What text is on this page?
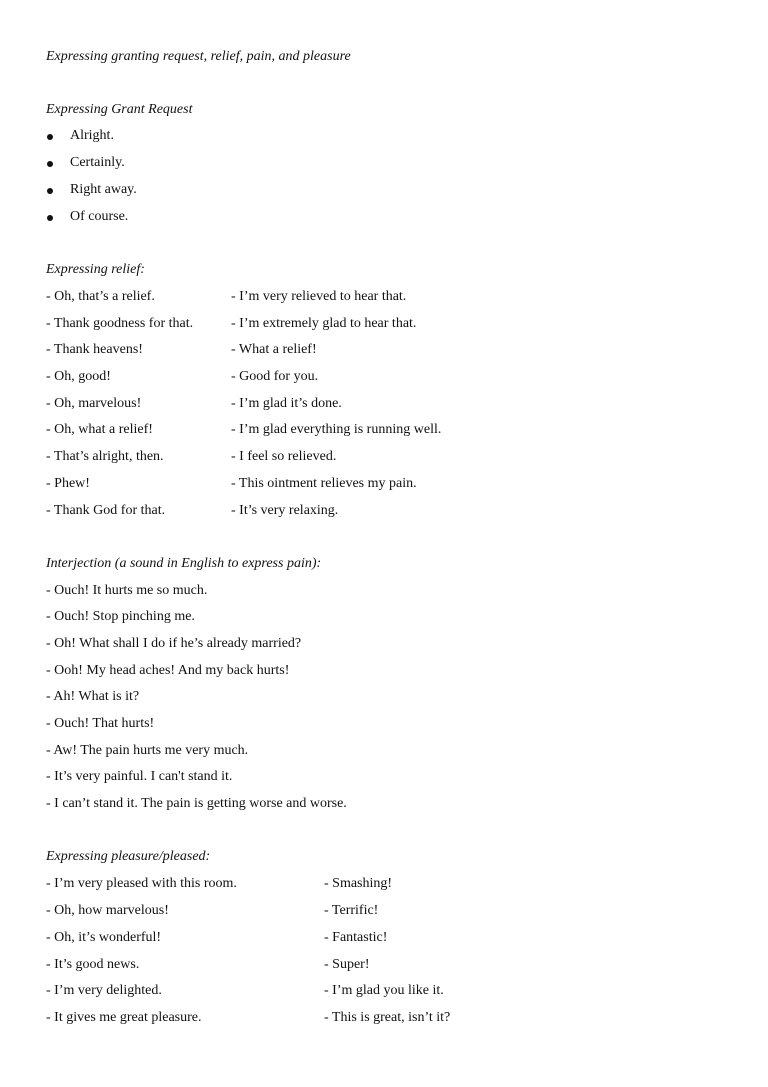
Expressing granting request, relief, pain, and pleasure
Expressing Grant Request
Alright.
Certainly.
Right away.
Of course.
Expressing relief:
- Oh, that’s a relief.
- Thank goodness for that.
- Thank heavens!
- Oh, good!
- Oh, marvelous!
- Oh, what a relief!
- That’s alright, then.
- Phew!
- Thank God for that.
- I’m very relieved to hear that.
- I’m extremely glad to hear that.
- What a relief!
- Good for you.
- I’m glad it’s done.
- I’m glad everything is running well.
- I feel so relieved.
- This ointment relieves my pain.
- It’s very relaxing.
Interjection (a sound in English to express pain):
- Ouch! It hurts me so much.
- Ouch! Stop pinching me.
- Oh! What shall I do if he’s already married?
- Ooh! My head aches! And my back hurts!
- Ah! What is it?
- Ouch! That hurts!
- Aw! The pain hurts me very much.
- It’s very painful. I can't stand it.
- I can’t stand it. The pain is getting worse and worse.
Expressing pleasure/pleased:
- I’m very pleased with this room.
- Oh, how marvelous!
- Oh, it’s wonderful!
- It’s good news.
- I’m very delighted.
- It gives me great pleasure.
- Smashing!
- Terrific!
- Fantastic!
- Super!
- I’m glad you like it.
- This is great, isn’t it?
